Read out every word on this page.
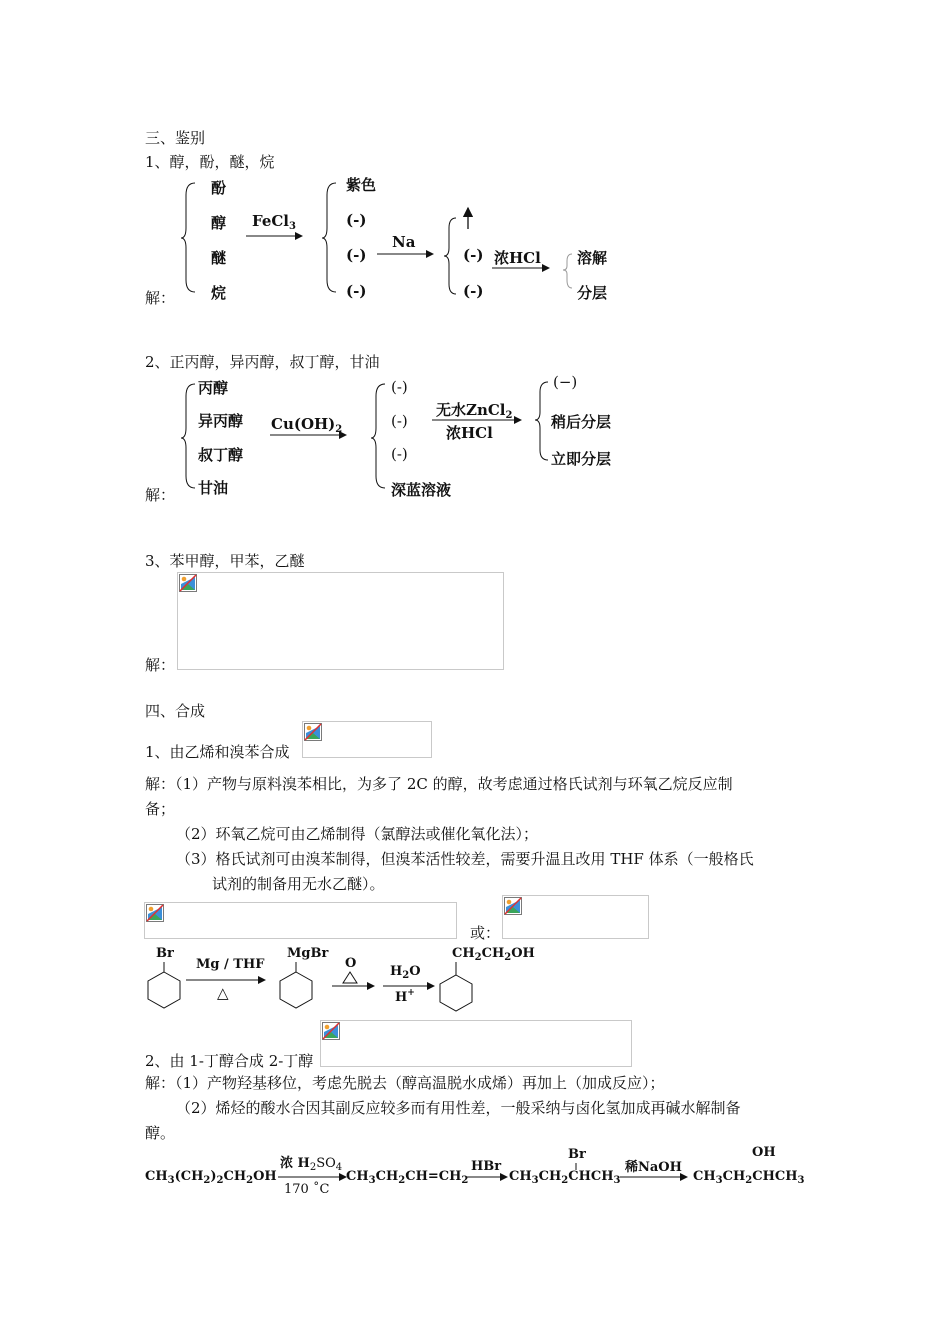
三、鉴别
1、醇，酚，醚，烷
解：
酚
醇
醚
烷
FeCl$_3$
紫色
(-)
(-)
(-)
Na
(-)
(-)
浓HCl 溶解
分层
2、正丙醇，异丙醇，叔丁醇，甘油
解：
丙醇
异丙醇
叔丁醇
甘油
$Cu(OH)_2$
(-)
(-)
(-)
深蓝溶液
无水ZnCl$_2$
浓HCl
(−)
稍后分层
立即分层
3、苯甲醇，甲苯，乙醚
解：
四、合成
1、由乙烯和溴苯合成
解：（1）产物与原料溴苯相比，为多了 2C 的醇，故考虑通过格氏试剂与环氧乙烷反应制
备；
（2）环氧乙烷可由乙烯制得（氯醇法或催化氧化法）；
（3）格氏试剂可由溴苯制得，但溴苯活性较差，需要升温且改用 THF 体系（一般格氏
试剂的制备用无水乙醚）。
或：
Br
Mg / THF
△
MgBr
O
$H_2O$
H+
$CH_2CH_2OH$
2、由 1-丁醇合成 2-丁醇
解：（1）产物羟基移位，考虑先脱去（醇高温脱水成烯）再加上（加成反应）；
（2）烯烃的酸水合因其副反应较多而有用性差，一般采纳与卤化氢加成再碱水解制备
醇。
$CH_3(CH_2)_2CH_2OH$
浓 $H_2SO_4$
170 ˚C
$CH_3CH_2CH=CH_2$
HBr
Br
$CH_3CH_2CHCH_3$
稀NaOH
OH
$CH_3CH_2CHCH_3$
